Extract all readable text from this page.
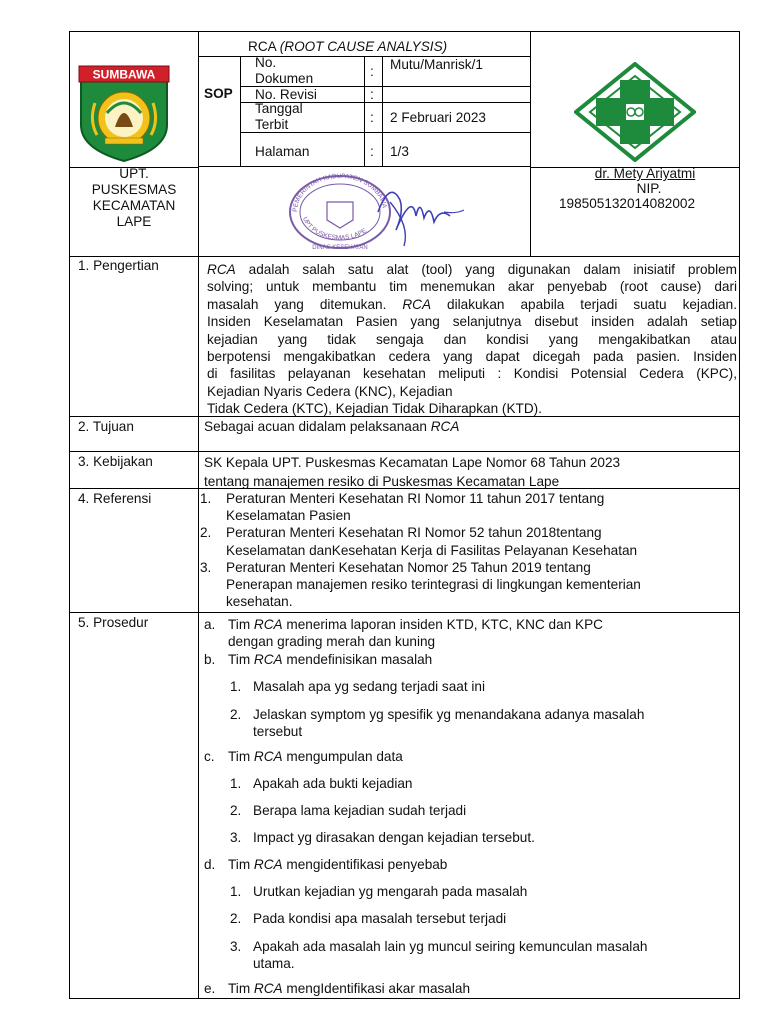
RCA (ROOT CAUSE ANALYSIS)
SOP
No.
Dokumen	: Mutu/Manrisk/1
No. Revisi	:
Tanggal
Terbit	: 2 Februari 2023
Halaman	: 1/3
SUMBAWA
UPT.
PUSKESMAS
KECAMATAN
LAPE
PEMERINTAH KABUPATEN SUMBAWA
UPT PUSKESMAS LAPE
DINAS KESEHATAN
dr. Mety Ariyatmi
NIP.
198505132014082002
1. Pengertian	RCA adalah salah satu alat (tool) yang digunakan dalam inisiatif problem
solving; untuk membantu tim menemukan akar penyebab (root cause) dari
masalah yang ditemukan. RCA dilakukan apabila terjadi suatu kejadian.
Insiden Keselamatan Pasien yang selanjutnya disebut insiden adalah setiap
kejadian yang tidak sengaja dan kondisi yang mengakibatkan atau
berpotensi mengakibatkan cedera yang dapat dicegah pada pasien. Insiden
di fasilitas pelayanan kesehatan meliputi : Kondisi Potensial Cedera (KPC),
Kejadian Nyaris Cedera (KNC), Kejadian
Tidak Cedera (KTC), Kejadian Tidak Diharapkan (KTD).
2. Tujuan	Sebagai acuan didalam pelaksanaan RCA
3. Kebijakan	SK Kepala UPT. Puskesmas Kecamatan Lape Nomor 68 Tahun 2023
tentang manajemen resiko di Puskesmas Kecamatan Lape
4. Referensi	1. Peraturan Menteri Kesehatan RI Nomor 11 tahun 2017 tentang
Keselamatan Pasien
2. Peraturan Menteri Kesehatan RI Nomor 52 tahun 2018tentang
Keselamatan danKesehatan Kerja di Fasilitas Pelayanan Kesehatan
3. Peraturan Menteri Kesehatan Nomor 25 Tahun 2019 tentang
Penerapan manajemen resiko terintegrasi di lingkungan kementerian
kesehatan.
5. Prosedur	a. Tim RCA menerima laporan insiden KTD, KTC, KNC dan KPC
dengan grading merah dan kuning
b. Tim RCA mendefinisikan masalah
1. Masalah apa yg sedang terjadi saat ini
2. Jelaskan symptom yg spesifik yg menandakana adanya masalah
tersebut
c. Tim RCA mengumpulan data
1. Apakah ada bukti kejadian
2. Berapa lama kejadian sudah terjadi
3. Impact yg dirasakan dengan kejadian tersebut.
d. Tim RCA mengidentifikasi penyebab
1. Urutkan kejadian yg mengarah pada masalah
2. Pada kondisi apa masalah tersebut terjadi
3. Apakah ada masalah lain yg muncul seiring kemunculan masalah
utama.
e. Tim RCA mengIdentifikasi akar masalah
